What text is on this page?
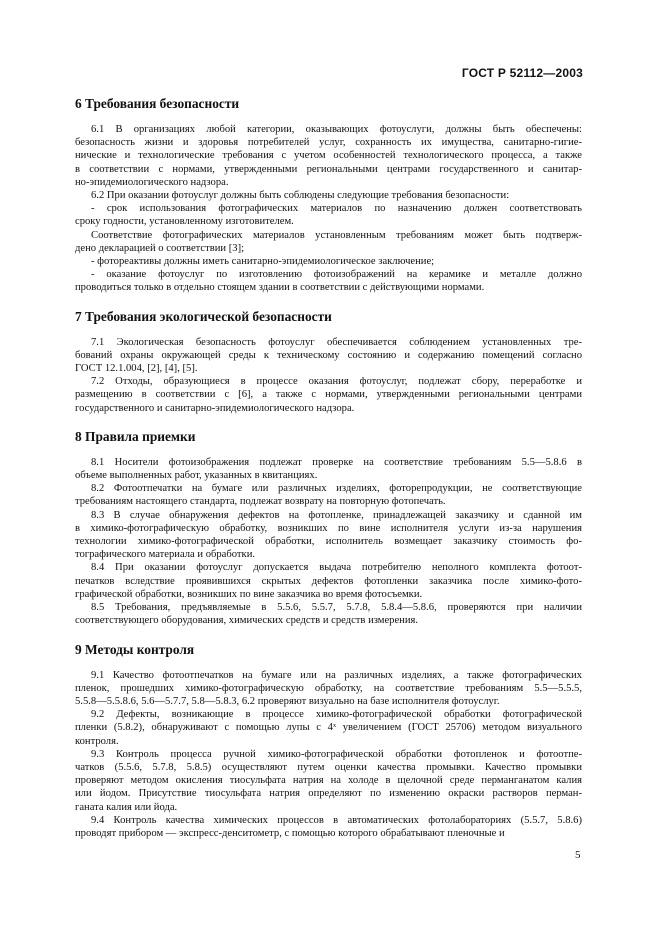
ГОСТ Р 52112—2003
6 Требования безопасности
6.1 В организациях любой категории, оказывающих фотоуслуги, должны быть обеспечены:
безопасность жизни и здоровья потребителей услуг, сохранность их имущества, санитарно-гигие-
нические и технологические требования с учетом особенностей технологического процесса, а также
в соответствии с нормами, утвержденными региональными центрами государственного и санитар-
но-эпидемиологического надзора.
6.2 При оказании фотоуслуг должны быть соблюдены следующие требования безопасности:
- срок использования фотографических материалов по назначению должен соответствовать
сроку годности, установленному изготовителем.
Соответствие фотографических материалов установленным требованиям может быть подтверж-
дено декларацией о соответствии [3];
- фотореактивы должны иметь санитарно-эпидемиологическое заключение;
- оказание фотоуслуг по изготовлению фотоизображений на керамике и металле должно
проводиться только в отдельно стоящем здании в соответствии с действующими нормами.
7 Требования экологической безопасности
7.1 Экологическая безопасность фотоуслуг обеспечивается соблюдением установленных тре-
бований охраны окружающей среды к техническому состоянию и содержанию помещений согласно
ГОСТ 12.1.004, [2], [4], [5].
7.2 Отходы, образующиеся в процессе оказания фотоуслуг, подлежат сбору, переработке и
размещению в соответствии с [6], а также с нормами, утвержденными региональными центрами
государственного и санитарно-эпидемиологического надзора.
8 Правила приемки
8.1 Носители фотоизображения подлежат проверке на соответствие требованиям 5.5—5.8.6 в
объеме выполненных работ, указанных в квитанциях.
8.2 Фотоотпечатки на бумаге или различных изделиях, фоторепродукции, не соответствующие
требованиям настоящего стандарта, подлежат возврату на повторную фотопечать.
8.3 В случае обнаружения дефектов на фотопленке, принадлежащей заказчику и сданной им
в химико-фотографическую обработку, возникших по вине исполнителя услуги из-за нарушения
технологии химико-фотографической обработки, исполнитель возмещает заказчику стоимость фо-
тографического материала и обработки.
8.4 При оказании фотоуслуг допускается выдача потребителю неполного комплекта фотоот-
печатков вследствие проявившихся скрытых дефектов фотопленки заказчика после химико-фото-
графической обработки, возникших по вине заказчика во время фотосъемки.
8.5 Требования, предъявляемые в 5.5.6, 5.5.7, 5.7.8, 5.8.4—5.8.6, проверяются при наличии
соответствующего оборудования, химических средств и средств измерения.
9 Методы контроля
9.1 Качество фотоотпечатков на бумаге или на различных изделиях, а также фотографических
пленок, прошедших химико-фотографическую обработку, на соответствие требованиям 5.5—5.5.5,
5.5.8—5.5.8.6, 5.6—5.7.7, 5.8—5.8.3, 6.2 проверяют визуально на базе исполнителя фотоуслуг.
9.2 Дефекты, возникающие в процессе химико-фотографической обработки фотографической
пленки (5.8.2), обнаруживают с помощью лупы с 4ˣ увеличением (ГОСТ 25706) методом визуального
контроля.
9.3 Контроль процесса ручной химико-фотографической обработки фотопленок и фотоотпе-
чатков (5.5.6, 5.7.8, 5.8.5) осуществляют путем оценки качества промывки. Качество промывки
проверяют методом окисления тиосульфата натрия на холоде в щелочной среде перманганатом калия
или йодом. Присутствие тиосульфата натрия определяют по изменению окраски растворов перман-
ганата калия или йода.
9.4 Контроль качества химических процессов в автоматических фотолабораториях (5.5.7, 5.8.6)
проводят прибором — экспресс-денситометр, с помощью которого обрабатывают пленочные и
5
